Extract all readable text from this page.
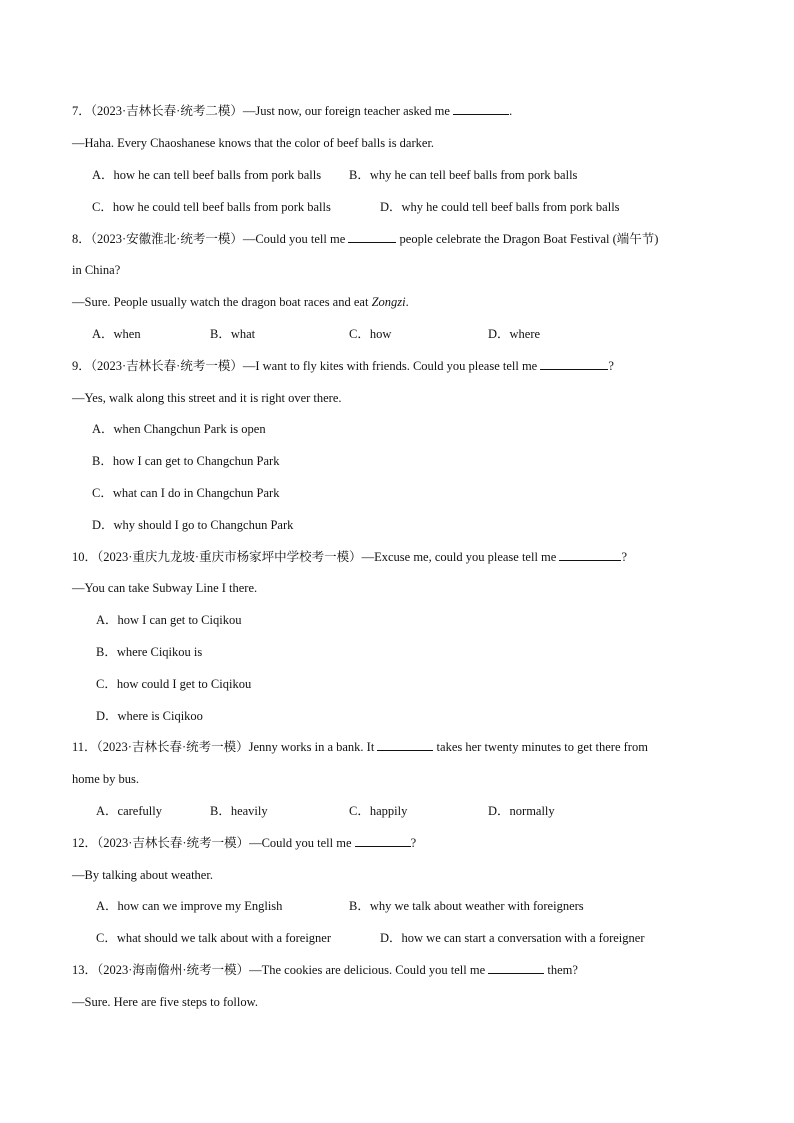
7．（2023·吉林长春·统考二模）—Just now, our foreign teacher asked me	.
—Haha. Every Chaoshanese knows that the color of beef balls is darker.
A．how he can tell beef balls from pork balls B．why he can tell beef balls from pork balls
C．how he could tell beef balls from pork balls	D．why he could tell beef balls from pork balls
8．（2023·安徽淮北·统考一模）—Could you tell me	people celebrate the Dragon Boat Festival (端午节)
in China?
—Sure. People usually watch the dragon boat races and eat Zongzi.
A．when	B．what	C．how	D．where
9．（2023·吉林长春·统考一模）—I want to fly kites with friends. Could you please tell me	?
—Yes, walk along this street and it is right over there.
A．when Changchun Park is open
B．how I can get to Changchun Park
C．what can I do in Changchun Park
D．why should I go to Changchun Park
10．（2023·重庆九龙坡·重庆市杨家坪中学校考一模）—Excuse me, could you please tell me	?
—You can take Subway Line I there.
A．how I can get to Ciqikou
B．where Ciqikou is
C．how could I get to Ciqikou
D．where is Ciqikoo
11．（2023·吉林长春·统考一模）Jenny works in a bank. It	takes her twenty minutes to get there from
home by bus.
A．carefully	B．heavily	C．happily	D．normally
12．（2023·吉林长春·统考一模）—Could you tell me	?
—By talking about weather.
A．how can we improve my English	B．why we talk about weather with foreigners
C．what should we talk about with a foreigner	D．how we can start a conversation with a foreigner
13．（2023·海南儋州·统考一模）—The cookies are delicious. Could you tell me	them?
—Sure. Here are five steps to follow.
